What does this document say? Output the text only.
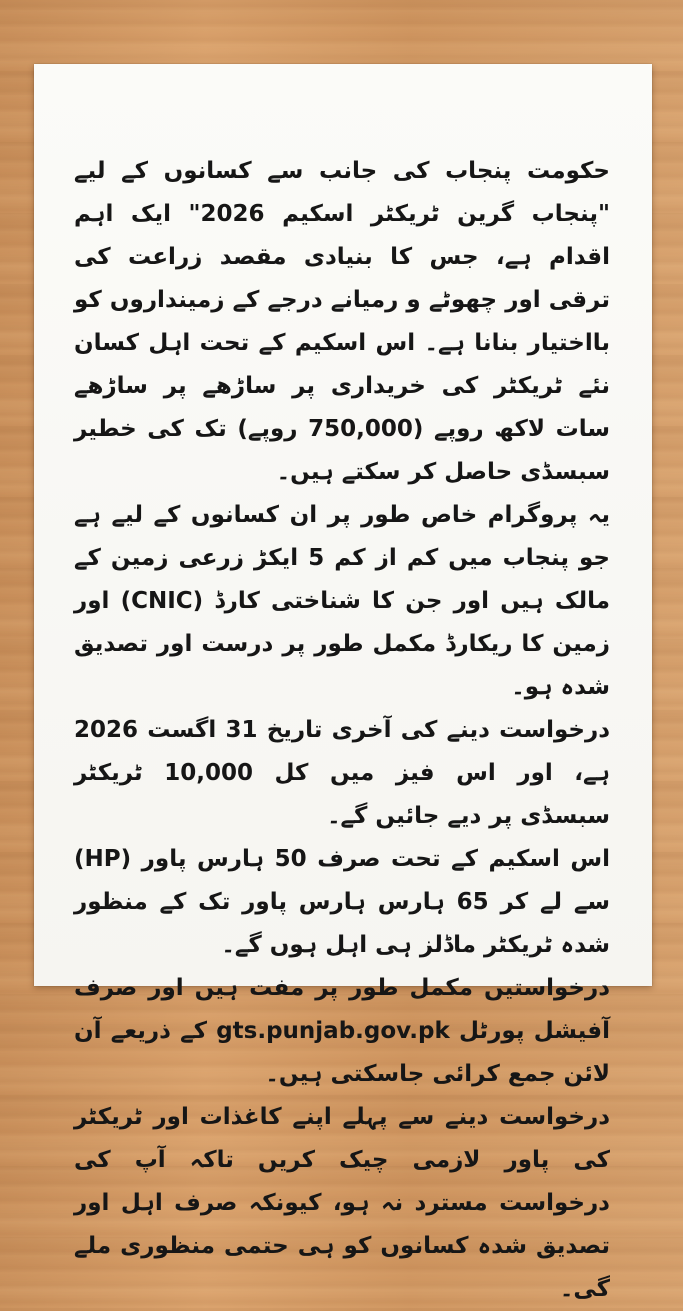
حکومت پنجاب کی جانب سے کسانوں کے لیے "پنجاب گرین ٹریکٹر اسکیم 2026" ایک اہم اقدام ہے، جس کا بنیادی مقصد زراعت کی ترقی اور چھوٹے و رمیانے درجے کے زمینداروں کو بااختیار بنانا ہے۔ اس اسکیم کے تحت اہل کسان نئے ٹریکٹر کی خریداری پر ساڑھے پر ساڑھے سات لاکھ روپے (750,000 روپے) تک کی خطیر سبسڈی حاصل کر سکتے ہیں۔

یہ پروگرام خاص طور پر ان کسانوں کے لیے ہے جو پنجاب میں کم از کم 5 ایکڑ زرعی زمین کے مالک ہیں اور جن کا شناختی کارڈ (CNIC) اور زمین کا ریکارڈ مکمل طور پر درست اور تصدیق شدہ ہو۔

درخواست دینے کی آخری تاریخ 31 اگست 2026 ہے، اور اس فیز میں کل 10,000 ٹریکٹر سبسڈی پر دیے جائیں گے۔

اس اسکیم کے تحت صرف 50 ہارس پاور (HP) سے لے کر 65 ہارس ہارس پاور تک کے منظور شدہ ٹریکٹر ماڈلز ہی اہل ہوں گے۔

درخواستیں مکمل طور پر مفت ہیں اور صرف آفیشل پورٹل gts.punjab.gov.pk کے ذریعے آن لائن جمع کرائی جاسکتی ہیں۔

درخواست دینے سے پہلے اپنے کاغذات اور ٹریکٹر کی پاور لازمی چیک کریں تاکہ آپ کی درخواست مسترد نہ ہو، کیونکہ صرف اہل اور تصدیق شدہ کسانوں کو ہی حتمی منظوری ملے گی۔
